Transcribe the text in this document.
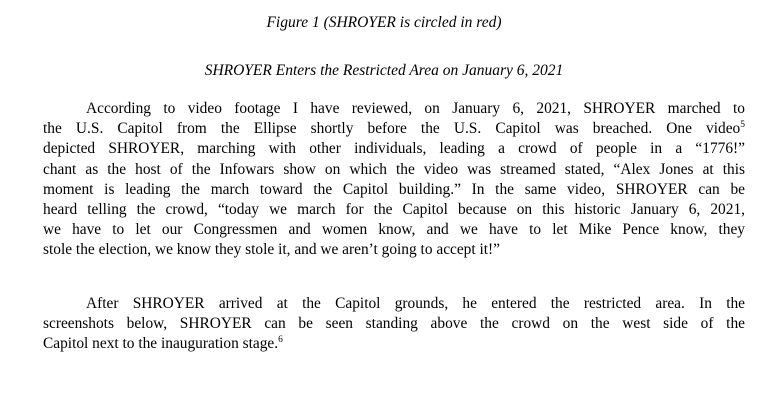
Figure 1 (SHROYER is circled in red)
SHROYER Enters the Restricted Area on January 6, 2021
According to video footage I have reviewed, on January 6, 2021, SHROYER marched to
the U.S. Capitol from the Ellipse shortly before the U.S. Capitol was breached. One video$^5$
depicted SHROYER, marching with other individuals, leading a crowd of people in a “1776!”
chant as the host of the Infowars show on which the video was streamed stated, “Alex Jones at this
moment is leading the march toward the Capitol building.” In the same video, SHROYER can be
heard telling the crowd, “today we march for the Capitol because on this historic January 6, 2021,
we have to let our Congressmen and women know, and we have to let Mike Pence know, they
stole the election, we know they stole it, and we aren’t going to accept it!”
After SHROYER arrived at the Capitol grounds, he entered the restricted area. In the
screenshots below, SHROYER can be seen standing above the crowd on the west side of the
Capitol next to the inauguration stage.$^6$
